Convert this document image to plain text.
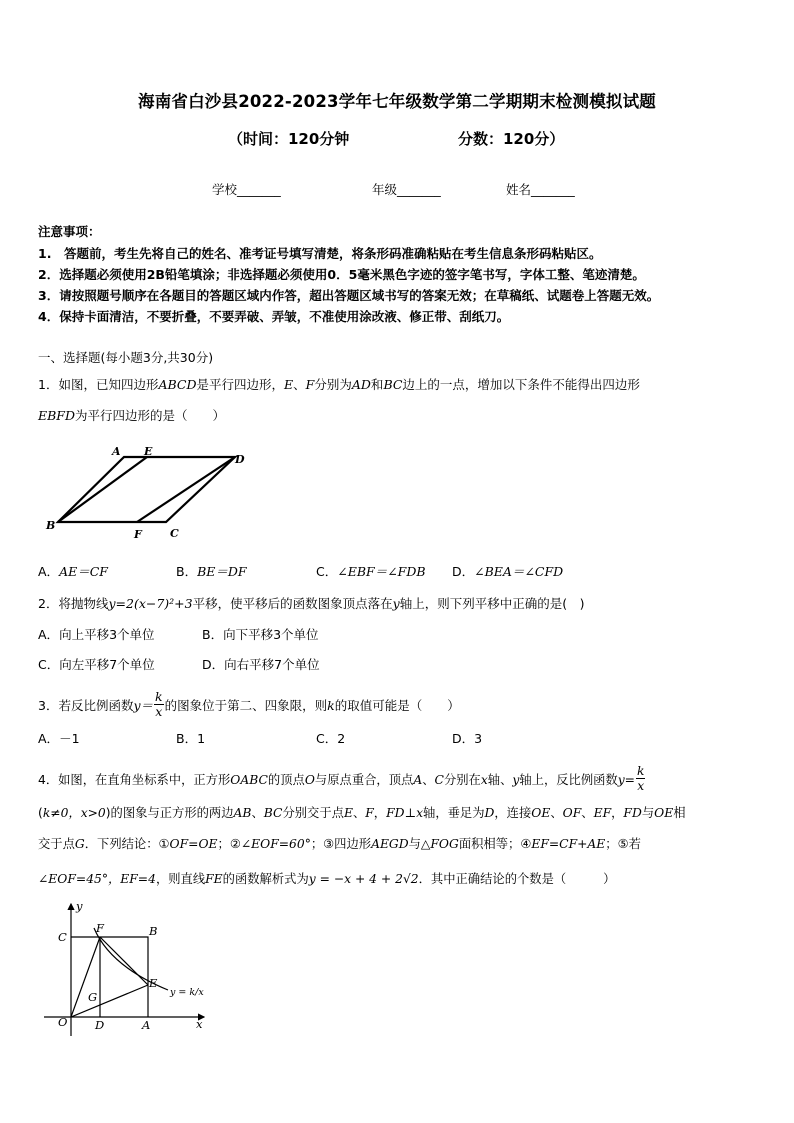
海南省白沙县2022-2023学年七年级数学第二学期期末检测模拟试题
（时间：120分钟	分数：120分）
学校_______	年级_______	姓名_______
注意事项：
1.　答题前，考生先将自己的姓名、准考证号填写清楚，将条形码准确粘贴在考生信息条形码粘贴区。
2．选择题必须使用2B铅笔填涂；非选择题必须使用0．5毫米黑色字迹的签字笔书写，字体工整、笔迹清楚。
3．请按照题号顺序在各题目的答题区域内作答，超出答题区域书写的答案无效；在草稿纸、试题卷上答题无效。
4．保持卡面清洁，不要折叠，不要弄破、弄皱，不准使用涂改液、修正带、刮纸刀。
一、选择题(每小题3分,共30分)
1．如图，已知四边形ABCD是平行四边形，E、F分别为AD和BC边上的一点，增加以下条件不能得出四边形
EBFD为平行四边形的是（　　）
A E
D
B
F	C
A．AE＝CF	B．BE＝DF	C．∠EBF＝∠FDB D．∠BEA＝∠CFD
2．将抛物线y=2(x−7)²+3平移，使平移后的函数图象顶点落在y轴上，则下列平移中正确的是(　)
A．向上平移3个单位	B．向下平移3个单位
C．向左平移7个单位	D．向右平移7个单位
3．若反比例函数$y= \frac{k}{x}$ 的图象位于第二、四象限，则k的取值可能是（　　）
A．－1	B．1	C．2	D．3
4．如图，在直角坐标系中，正方形OABC的顶点O与原点重合，顶点A、C分别在x轴、y轴上，反比例函数$y= \frac{k}{x}$
(k≠0，x>0)的图象与正方形的两边AB、BC分别交于点E、F，FD⊥x轴，垂足为D，连接OE、OF、EF，FD与OE相
交于点G．下列结论：①OF=OE；②∠EOF=60°；③四边形AEGD与△FOG面积相等；④EF=CF+AE；⑤若
∠EOF=45°，EF=4，则直线FE的函数解析式为y = −x + 4 + 2√2．其中正确结论的个数是（　　　）
y
C
F	B
G
E
O D	A	x
y = k/x
